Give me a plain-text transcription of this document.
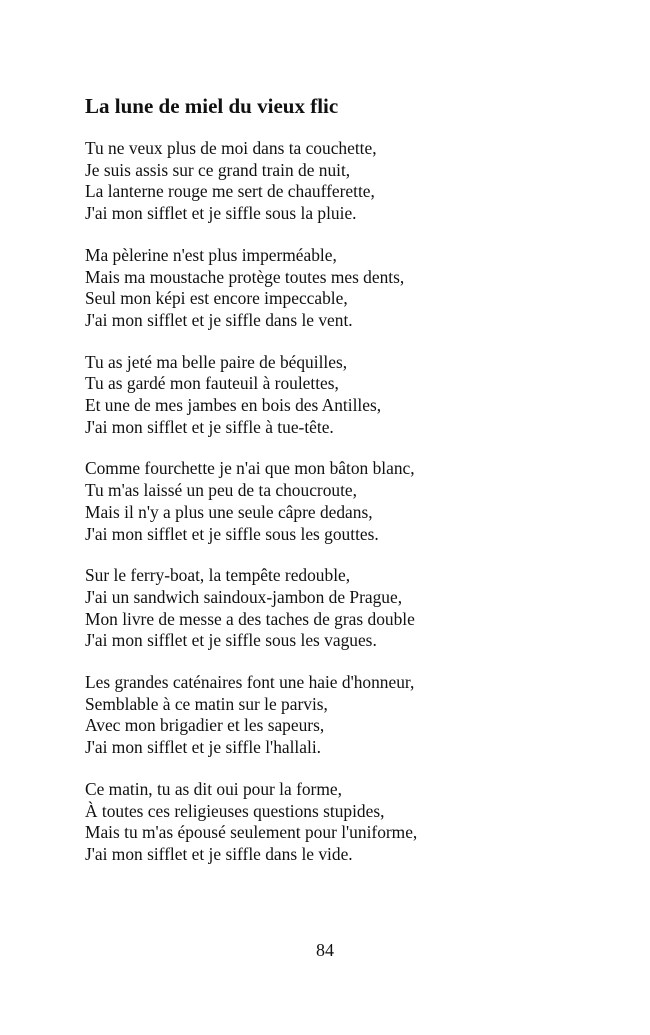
La lune de miel du vieux flic
Tu ne veux plus de moi dans ta couchette,
Je suis assis sur ce grand train de nuit,
La lanterne rouge me sert de chaufferette,
J'ai mon sifflet et je siffle sous la pluie.
Ma pèlerine n'est plus imperméable,
Mais ma moustache protège toutes mes dents,
Seul mon képi est encore impeccable,
J'ai mon sifflet et je siffle dans le vent.
Tu as jeté ma belle paire de béquilles,
Tu as gardé mon fauteuil à roulettes,
Et une de mes jambes en bois des Antilles,
J'ai mon sifflet et je siffle à tue-tête.
Comme fourchette je n'ai que mon bâton blanc,
Tu m'as laissé un peu de ta choucroute,
Mais il n'y a plus une seule câpre dedans,
J'ai mon sifflet et je siffle sous les gouttes.
Sur le ferry-boat, la tempête redouble,
J'ai un sandwich saindoux-jambon de Prague,
Mon livre de messe a des taches de gras double
J'ai mon sifflet et je siffle sous les vagues.
Les grandes caténaires font une haie d'honneur,
Semblable à ce matin sur le parvis,
Avec mon brigadier et les sapeurs,
J'ai mon sifflet et je siffle l'hallali.
Ce matin, tu as dit oui pour la forme,
À toutes ces religieuses questions stupides,
Mais tu m'as épousé seulement pour l'uniforme,
J'ai mon sifflet et je siffle dans le vide.
84
